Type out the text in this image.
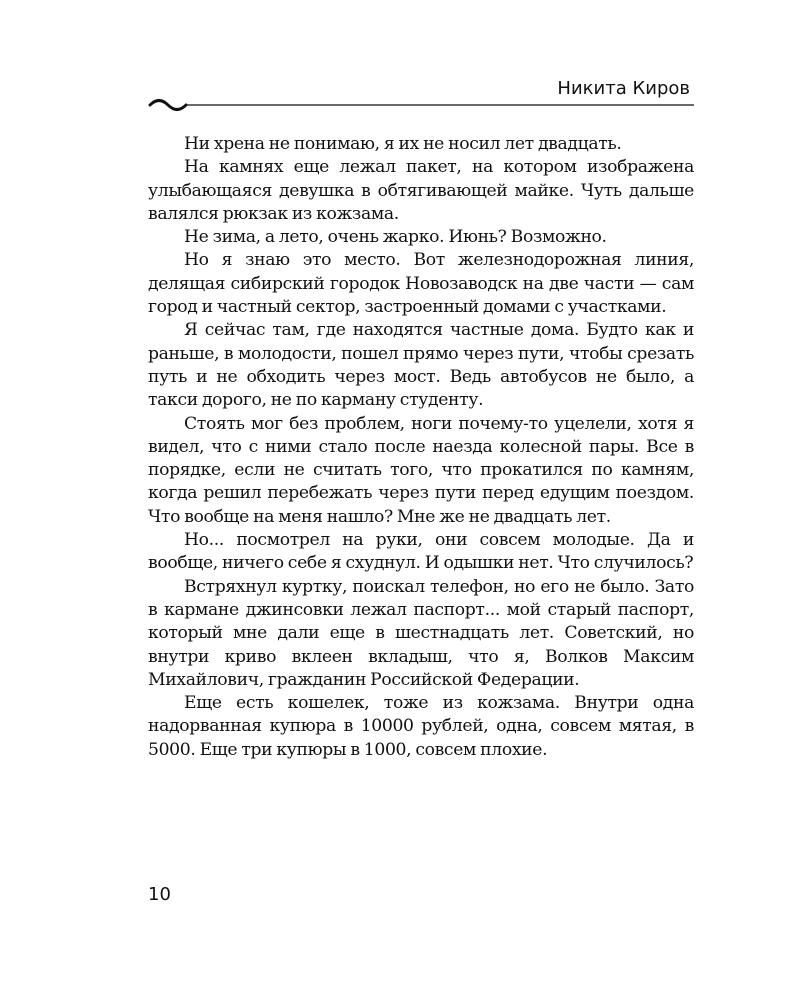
Никита Киров

Ни хрена не понимаю, я их не носил лет двадцать.

На камнях еще лежал пакет, на котором изображена улыбающаяся девушка в обтягивающей майке. Чуть дальше валялся рюкзак из кожзама.

Не зима, а лето, очень жарко. Июнь? Возможно.

Но я знаю это место. Вот железнодорожная линия, делящая сибирский городок Новозаводск на две части — сам город и частный сектор, застроенный домами с участками.

Я сейчас там, где находятся частные дома. Будто как и раньше, в молодости, пошел прямо через пути, чтобы срезать путь и не обходить через мост. Ведь автобусов не было, а такси дорого, не по карману студенту.

Стоять мог без проблем, ноги почему-то уцелели, хотя я видел, что с ними стало после наезда колесной пары. Все в порядке, если не считать того, что прокатился по камням, когда решил перебежать через пути перед едущим поездом. Что вообще на меня нашло? Мне же не двадцать лет.

Но... посмотрел на руки, они совсем молодые. Да и вообще, ничего себе я схуднул. И одышки нет. Что случилось?

Встряхнул куртку, поискал телефон, но его не было. Зато в кармане джинсовки лежал паспорт... мой старый паспорт, который мне дали еще в шестнадцать лет. Советский, но внутри криво вклеен вкладыш, что я, Волков Максим Михайлович, гражданин Российской Федерации.

Еще есть кошелек, тоже из кожзама. Внутри одна надорванная купюра в 10000 рублей, одна, совсем мятая, в 5000. Еще три купюры в 1000, совсем плохие.

10
